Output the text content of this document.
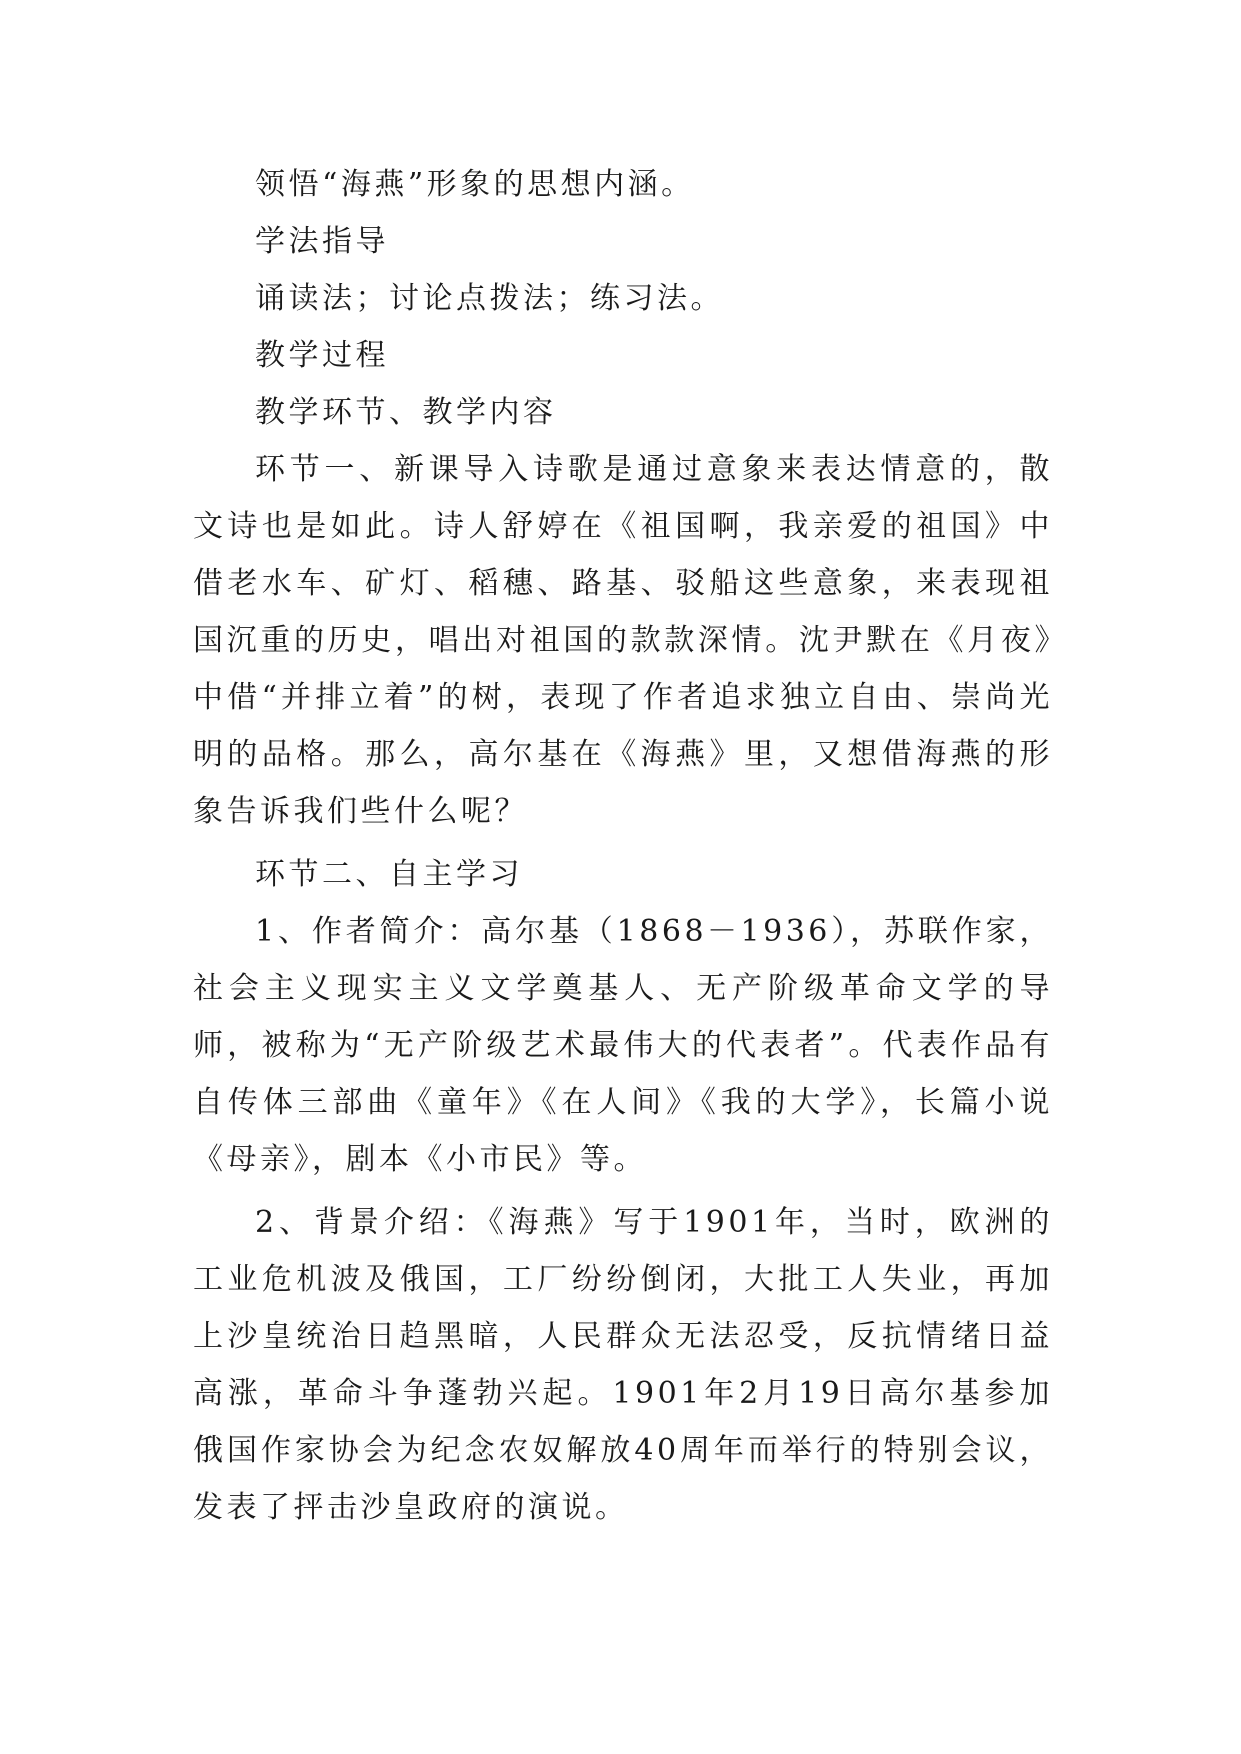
领悟“海燕”形象的思想内涵。

学法指导

诵读法；讨论点拨法；练习法。

教学过程

教学环节、教学内容

环节一、新课导入诗歌是通过意象来表达情意的，散文诗也是如此。诗人舒婷在《祖国啊，我亲爱的祖国》中借老水车、矿灯、稻穗、路基、驳船这些意象，来表现祖国沉重的历史，唱出对祖国的款款深情。沈尹默在《月夜》中借“并排立着”的树，表现了作者追求独立自由、崇尚光明的品格。那么，高尔基在《海燕》里，又想借海燕的形象告诉我们些什么呢？

环节二、自主学习

1、作者简介：高尔基（1868－1936），苏联作家，社会主义现实主义文学奠基人、无产阶级革命文学的导师，被称为“无产阶级艺术最伟大的代表者”。代表作品有自传体三部曲《童年》《在人间》《我的大学》，长篇小说《母亲》，剧本《小市民》等。

2、背景介绍：《海燕》写于1901年，当时，欧洲的工业危机波及俄国，工厂纷纷倒闭，大批工人失业，再加上沙皇统治日趋黑暗，人民群众无法忍受，反抗情绪日益高涨，革命斗争蓬勃兴起。1901年2月19日高尔基参加俄国作家协会为纪念农奴解放40周年而举行的特别会议，发表了抨击沙皇政府的演说。
